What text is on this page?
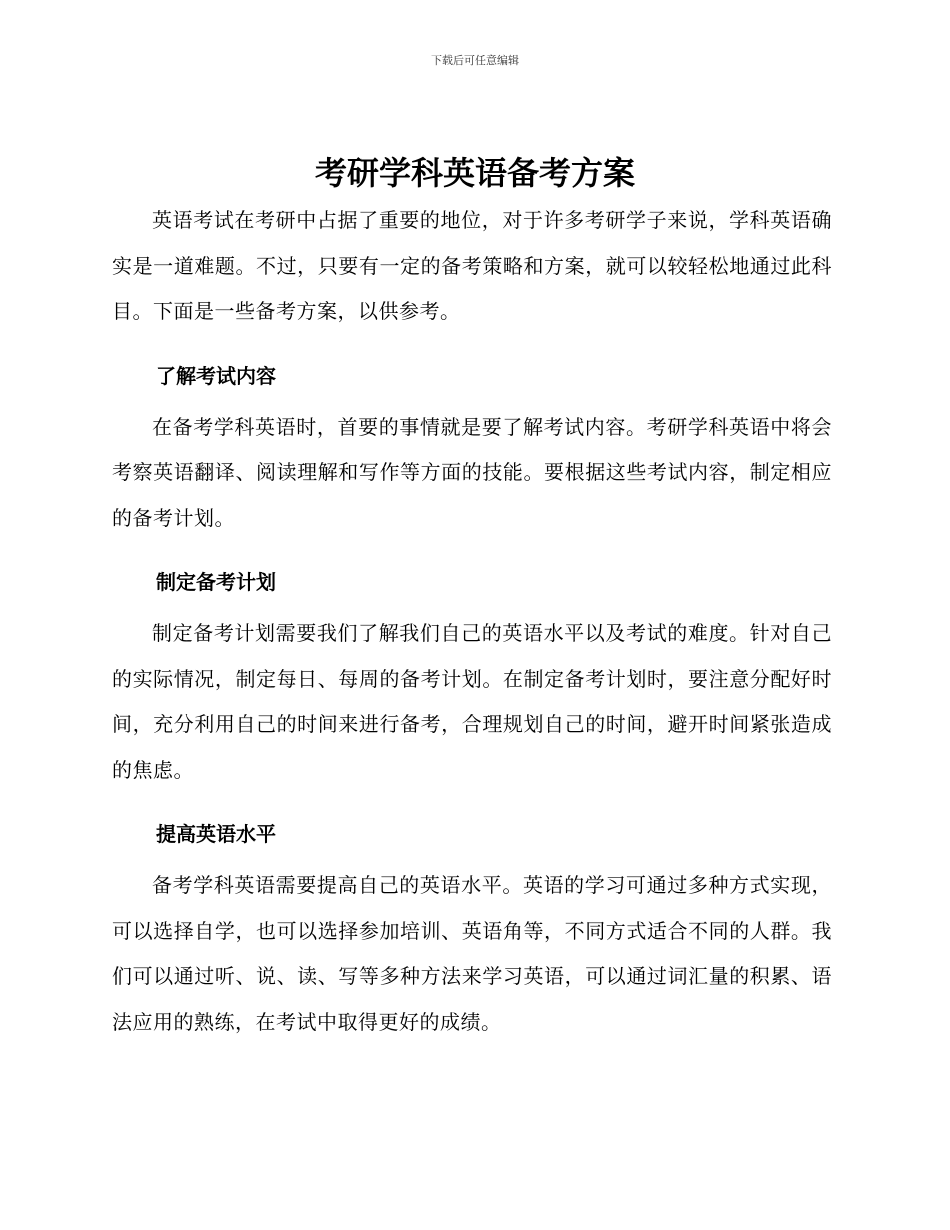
下载后可任意编辑
考研学科英语备考方案

英语考试在考研中占据了重要的地位，对于许多考研学子来说，学科英语确实是一道难题。不过，只要有一定的备考策略和方案，就可以较轻松地通过此科目。下面是一些备考方案，以供参考。

了解考试内容

在备考学科英语时，首要的事情就是要了解考试内容。考研学科英语中将会考察英语翻译、阅读理解和写作等方面的技能。要根据这些考试内容，制定相应的备考计划。

制定备考计划

制定备考计划需要我们了解我们自己的英语水平以及考试的难度。针对自己的实际情况，制定每日、每周的备考计划。在制定备考计划时，要注意分配好时间，充分利用自己的时间来进行备考，合理规划自己的时间，避开时间紧张造成的焦虑。

提高英语水平

备考学科英语需要提高自己的英语水平。英语的学习可通过多种方式实现，可以选择自学，也可以选择参加培训、英语角等，不同方式适合不同的人群。我们可以通过听、说、读、写等多种方法来学习英语，可以通过词汇量的积累、语法应用的熟练，在考试中取得更好的成绩。
